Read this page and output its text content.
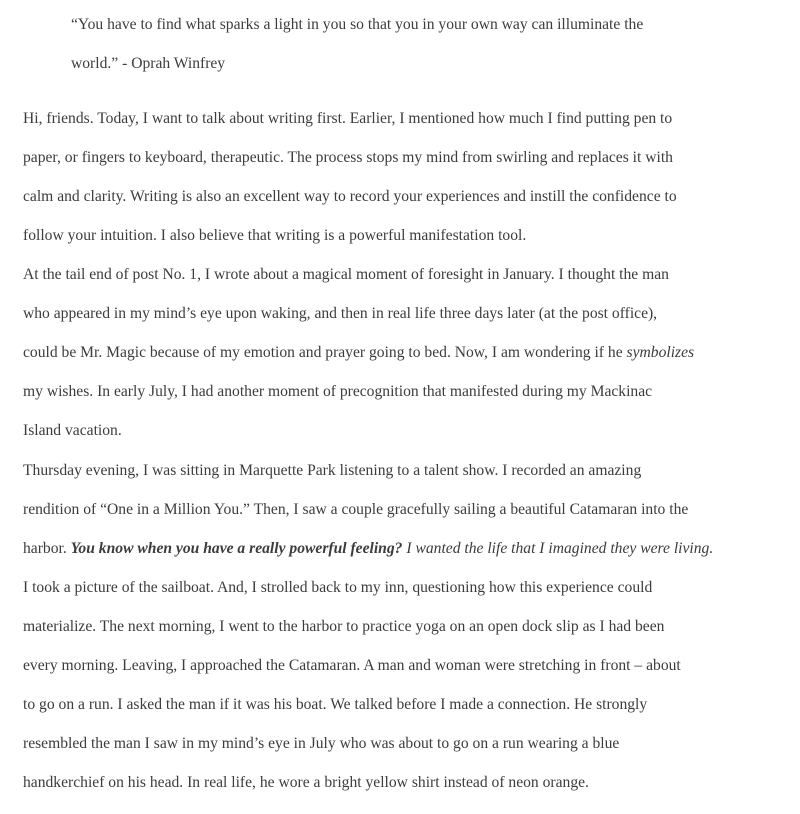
“You have to find what sparks a light in you so that you in your own way can illuminate the
world.” - Oprah Winfrey

Hi, friends. Today, I want to talk about writing first. Earlier, I mentioned how much I find putting pen to
paper, or fingers to keyboard, therapeutic. The process stops my mind from swirling and replaces it with
calm and clarity. Writing is also an excellent way to record your experiences and instill the confidence to
follow your intuition. I also believe that writing is a powerful manifestation tool.

At the tail end of post No. 1, I wrote about a magical moment of foresight in January. I thought the man
who appeared in my mind’s eye upon waking, and then in real life three days later (at the post office),
could be Mr. Magic because of my emotion and prayer going to bed. Now, I am wondering if he symbolizes
my wishes. In early July, I had another moment of precognition that manifested during my Mackinac
Island vacation.

Thursday evening, I was sitting in Marquette Park listening to a talent show. I recorded an amazing
rendition of “One in a Million You.” Then, I saw a couple gracefully sailing a beautiful Catamaran into the
harbor. You know when you have a really powerful feeling? I wanted the life that I imagined they were living.
I took a picture of the sailboat. And, I strolled back to my inn, questioning how this experience could
materialize. The next morning, I went to the harbor to practice yoga on an open dock slip as I had been
every morning. Leaving, I approached the Catamaran. A man and woman were stretching in front – about
to go on a run. I asked the man if it was his boat. We talked before I made a connection. He strongly
resembled the man I saw in my mind’s eye in July who was about to go on a run wearing a blue
handkerchief on his head. In real life, he wore a bright yellow shirt instead of neon orange.
